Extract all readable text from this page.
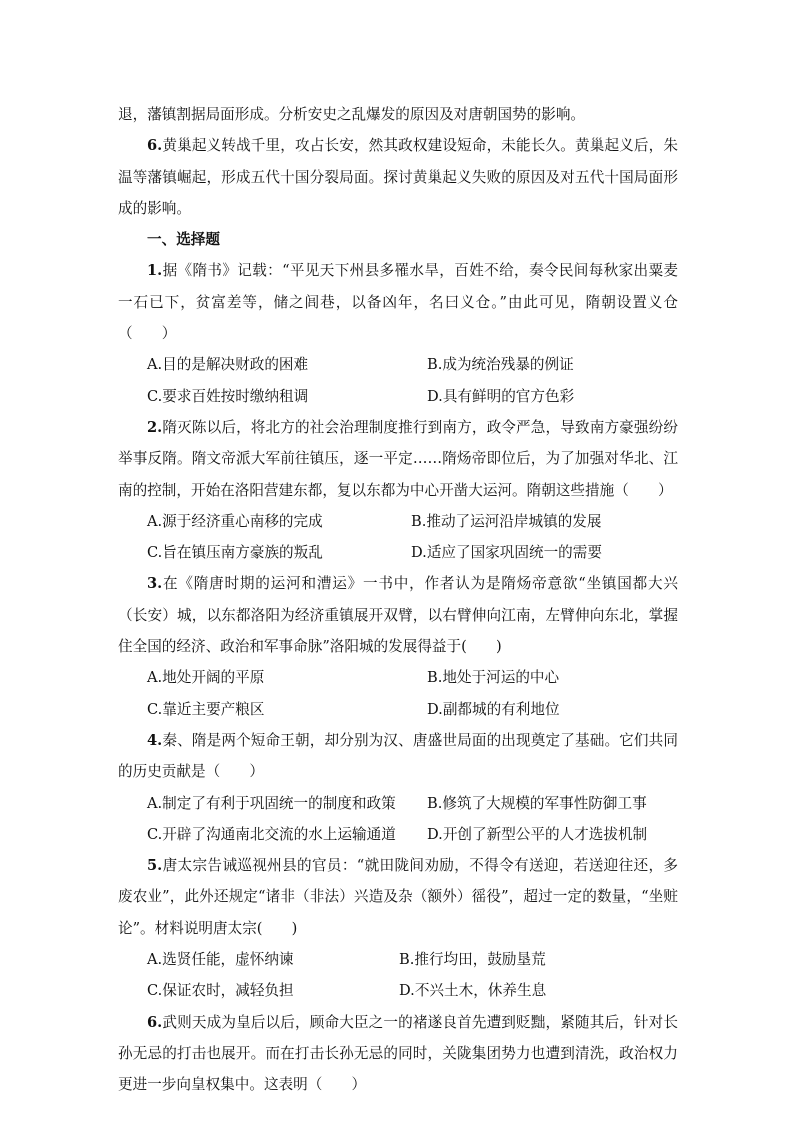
退，藩镇割据局面形成。分析安史之乱爆发的原因及对唐朝国势的影响。

6.黄巢起义转战千里，攻占长安，然其政权建设短命，未能长久。黄巢起义后，朱温等藩镇崛起，形成五代十国分裂局面。探讨黄巢起义失败的原因及对五代十国局面形成的影响。

一、选择题

1.据《隋书》记载：“平见天下州县多罹水旱，百姓不给，奏令民间每秋家出粟麦一石已下，贫富差等，储之闾巷，以备凶年，名曰义仓。”由此可见，隋朝设置义仓（　　）

A.目的是解决财政的困难	B.成为统治残暴的例证
C.要求百姓按时缴纳租调	D.具有鲜明的官方色彩

2.隋灭陈以后，将北方的社会治理制度推行到南方，政令严急，导致南方豪强纷纷举事反隋。隋文帝派大军前往镇压，逐一平定……隋炀帝即位后，为了加强对华北、江南的控制，开始在洛阳营建东都，复以东都为中心开凿大运河。隋朝这些措施（　　）

A.源于经济重心南移的完成	B.推动了运河沿岸城镇的发展
C.旨在镇压南方豪族的叛乱	D.适应了国家巩固统一的需要

3.在《隋唐时期的运河和漕运》一书中，作者认为是隋炀帝意欲“坐镇国都大兴（长安）城，以东都洛阳为经济重镇展开双臂，以右臂伸向江南，左臂伸向东北，掌握住全国的经济、政治和军事命脉”洛阳城的发展得益于(　　)

A.地处开阔的平原	B.地处于河运的中心
C.靠近主要产粮区	D.副都城的有利地位

4.秦、隋是两个短命王朝，却分别为汉、唐盛世局面的出现奠定了基础。它们共同的历史贡献是（　　）

A.制定了有利于巩固统一的制度和政策	B.修筑了大规模的军事性防御工事
C.开辟了沟通南北交流的水上运输通道	D.开创了新型公平的人才选拔机制

5.唐太宗告诫巡视州县的官员：“就田陇间劝励，不得令有送迎，若送迎往还，多废农业”，此外还规定“诸非（非法）兴造及杂（额外）徭役”，超过一定的数量，“坐赃论”。材料说明唐太宗(　　)

A.选贤任能，虚怀纳谏	B.推行均田，鼓励垦荒
C.保证农时，减轻负担	D.不兴土木，休养生息

6.武则天成为皇后以后，顾命大臣之一的褚遂良首先遭到贬黜，紧随其后，针对长孙无忌的打击也展开。而在打击长孙无忌的同时，关陇集团势力也遭到清洗，政治权力更进一步向皇权集中。这表明（　　）
